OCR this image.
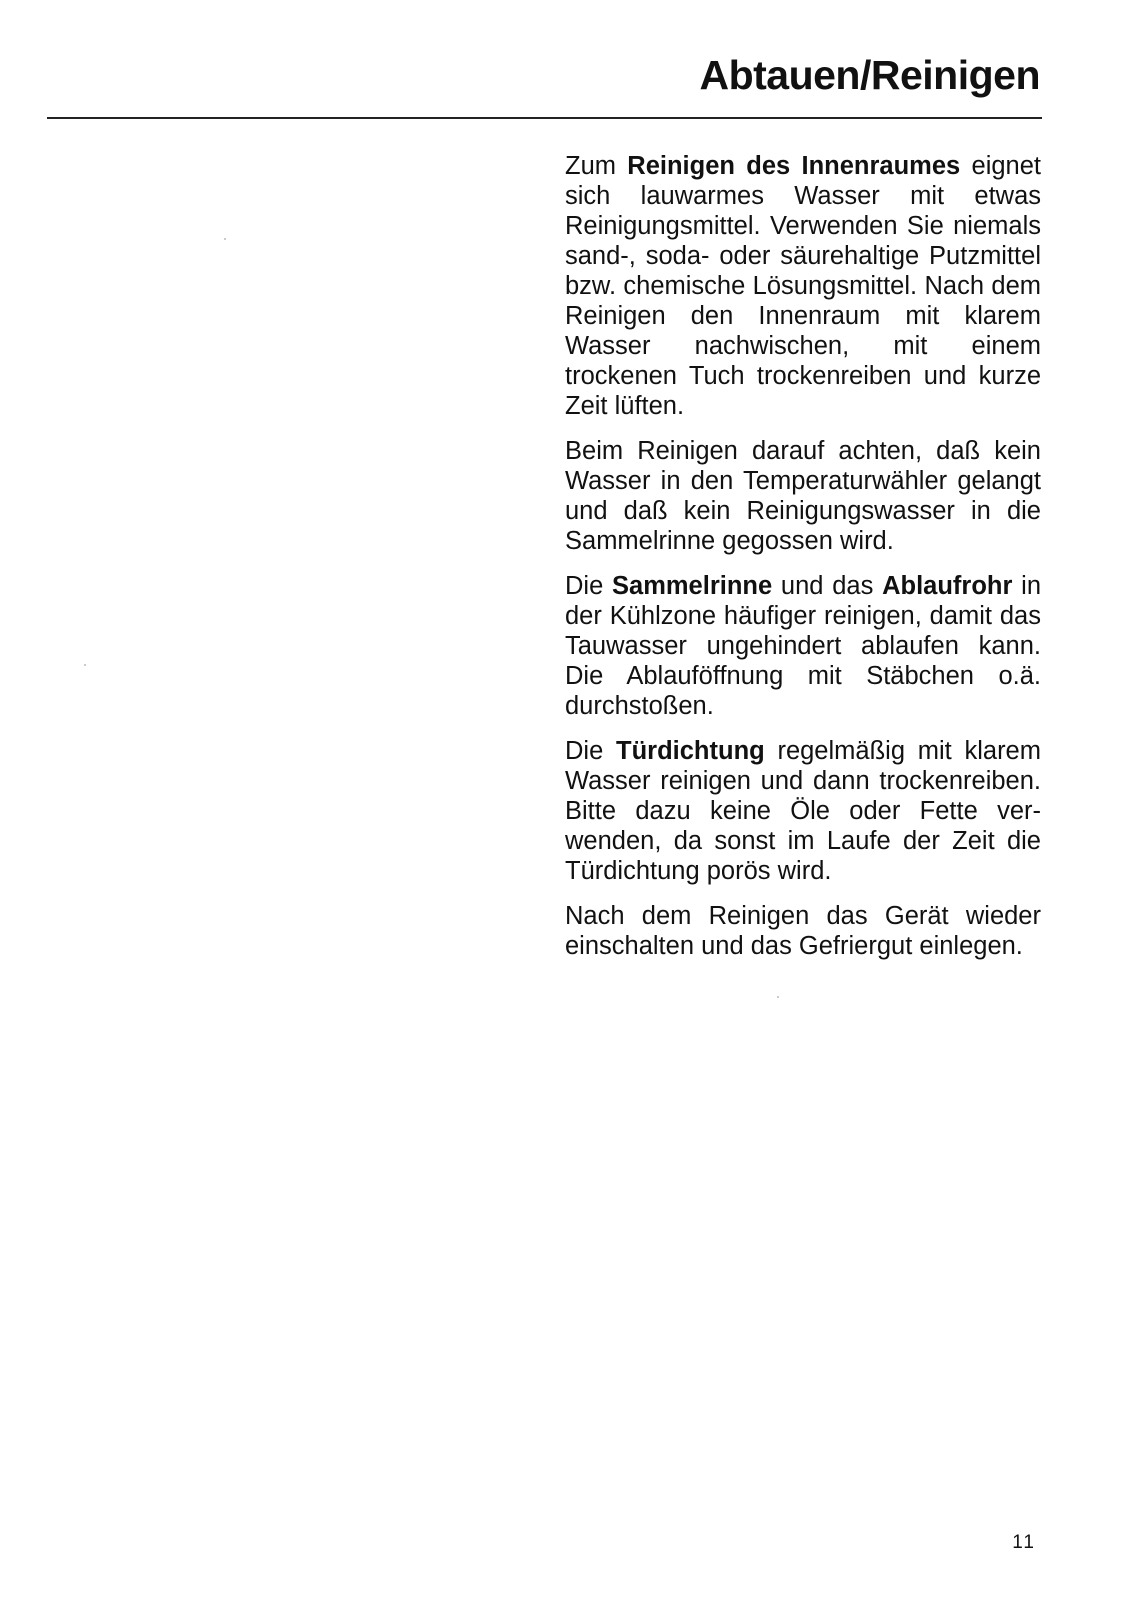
Abtauen/Reinigen

Zum Reinigen des Innenraumes eignet sich lauwarmes Wasser mit etwas Reinigungsmittel. Verwenden Sie niemals sand-, soda- oder säurehaltige Putzmittel bzw. chemische Lösungsmittel. Nach dem Reinigen den Innenraum mit klarem Wasser nachwischen, mit einem trockenen Tuch trockenreiben und kurze Zeit lüften.

Beim Reinigen darauf achten, daß kein Wasser in den Temperaturwähler gelangt und daß kein Reinigungswasser in die Sammelrinne gegossen wird.

Die Sammelrinne und das Ablaufrohr in der Kühlzone häufiger reinigen, damit das Tauwasser ungehindert ablaufen kann. Die Ablauföffnung mit Stäbchen o.ä. durchstoßen.

Die Türdichtung regelmäßig mit klarem Wasser reinigen und dann trockenreiben. Bitte dazu keine Öle oder Fette verwenden, da sonst im Laufe der Zeit die Türdichtung porös wird.

Nach dem Reinigen das Gerät wieder einschalten und das Gefriergut einlegen.

11
